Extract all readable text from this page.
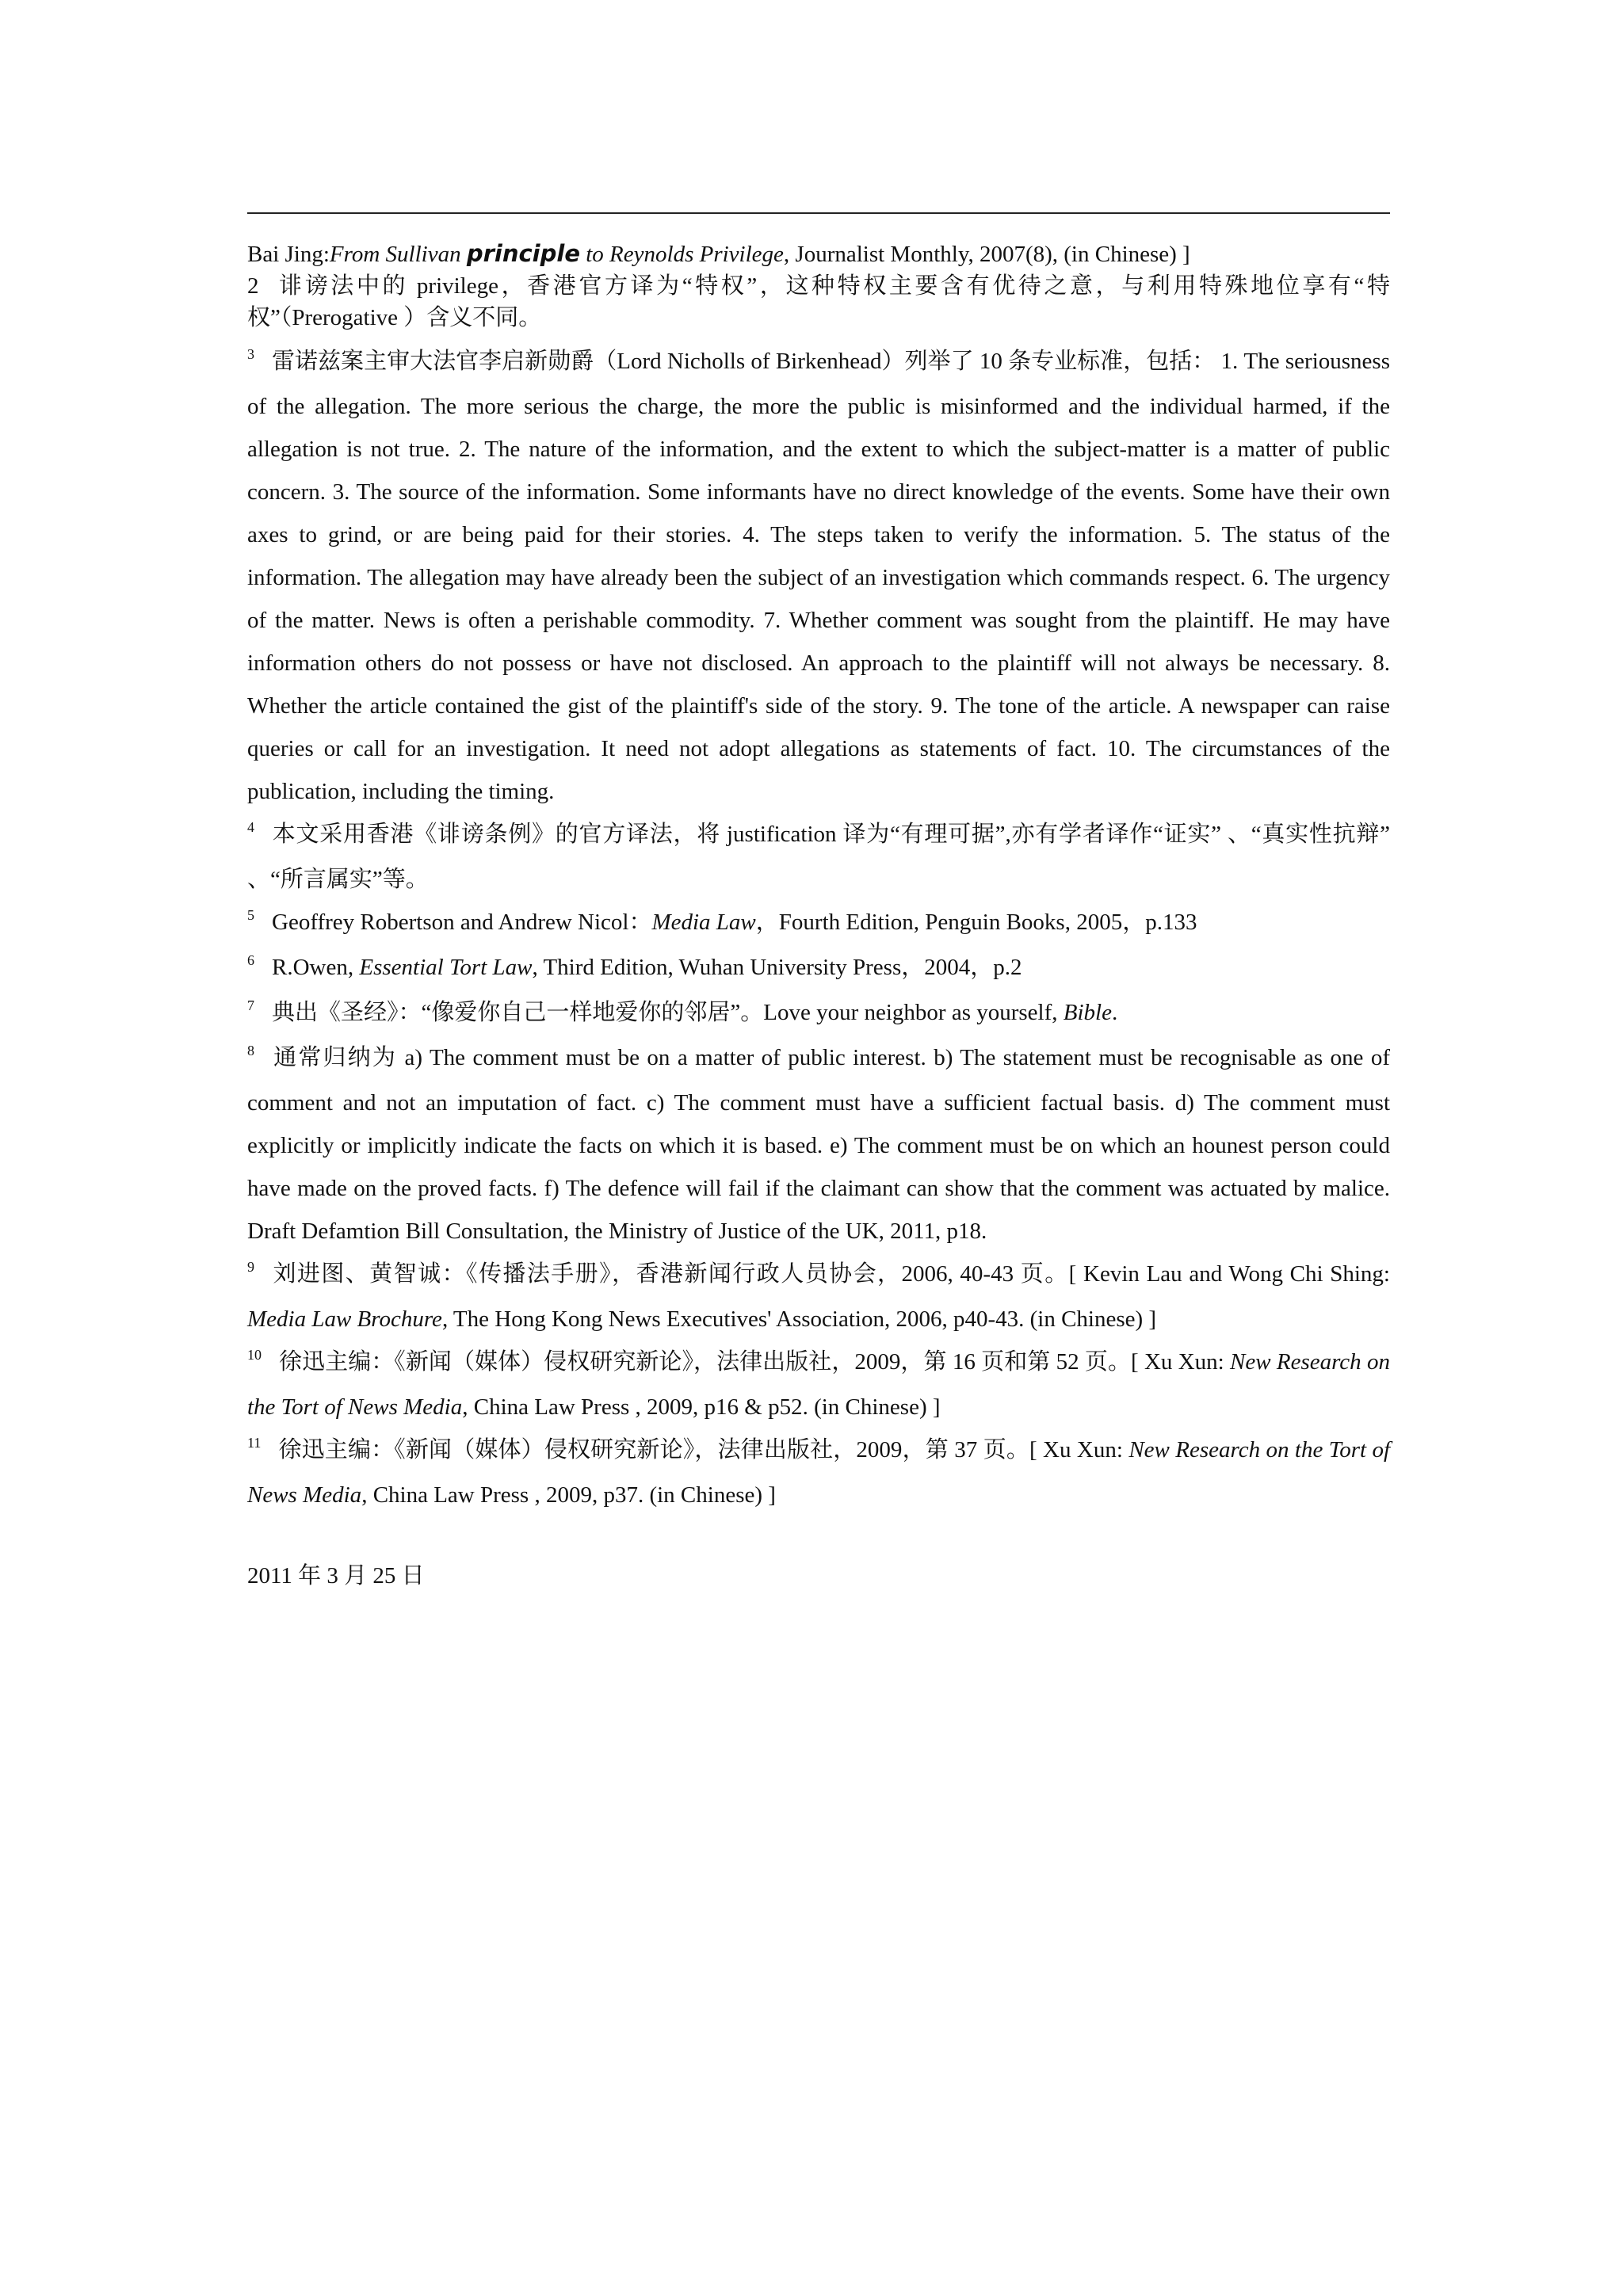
Bai Jing:From Sullivan principle to Reynolds Privilege, Journalist Monthly, 2007(8), (in Chinese) ]

2 诽谤法中的 privilege，香港官方译为“特权”，这种特权主要含有优待之意，与利用特殊地位享有“特权”（Prerogative ）含义不同。

$^3$ 雷诺兹案主审大法官李启新勋爵（Lord Nicholls of Birkenhead）列举了 10 条专业标准，包括： 1. The seriousness of the allegation. The more serious the charge, the more the public is misinformed and the individual harmed, if the allegation is not true. 2. The nature of the information, and the extent to which the subject-matter is a matter of public concern. 3. The source of the information. Some informants have no direct knowledge of the events. Some have their own axes to grind, or are being paid for their stories. 4. The steps taken to verify the information. 5. The status of the information. The allegation may have already been the subject of an investigation which commands respect. 6. The urgency of the matter. News is often a perishable commodity. 7. Whether comment was sought from the plaintiff. He may have information others do not possess or have not disclosed. An approach to the plaintiff will not always be necessary. 8. Whether the article contained the gist of the plaintiff's side of the story. 9. The tone of the article. A newspaper can raise queries or call for an investigation. It need not adopt allegations as statements of fact. 10. The circumstances of the publication, including the timing.

$^4$ 本文采用香港《诽谤条例》的官方译法，将 justification 译为“有理可据”,亦有学者译作“证实” 、“真实性抗辩” 、“所言属实”等。

$^5$ Geoffrey Robertson and Andrew Nicol：Media Law，Fourth Edition, Penguin Books, 2005，p.133

$^6$ R.Owen, Essential Tort Law, Third Edition, Wuhan University Press，2004，p.2

$^7$ 典出《圣经》：“像爱你自己一样地爱你的邻居”。Love your neighbor as yourself, Bible.

$^8$ 通常归纳为 a) The comment must be on a matter of public interest. b) The statement must be recognisable as one of comment and not an imputation of fact. c) The comment must have a sufficient factual basis. d) The comment must explicitly or implicitly indicate the facts on which it is based. e) The comment must be on which an hounest person could have made on the proved facts. f) The defence will fail if the claimant can show that the comment was actuated by malice. Draft Defamtion Bill Consultation, the Ministry of Justice of the UK, 2011, p18.

$^9$ 刘进图、黄智诚：《传播法手册》，香港新闻行政人员协会，2006, 40-43 页。[ Kevin Lau and Wong Chi Shing: Media Law Brochure, The Hong Kong News Executives' Association, 2006, p40-43. (in Chinese) ]

$^{10}$ 徐迅主编：《新闻（媒体）侵权研究新论》，法律出版社，2009，第 16 页和第 52 页。[ Xu Xun: New Research on the Tort of News Media, China Law Press , 2009, p16 & p52. (in Chinese) ]

$^{11}$ 徐迅主编：《新闻（媒体）侵权研究新论》，法律出版社，2009，第 37 页。[ Xu Xun: New Research on the Tort of News Media, China Law Press , 2009, p37. (in Chinese) ]

2011 年 3 月 25 日
